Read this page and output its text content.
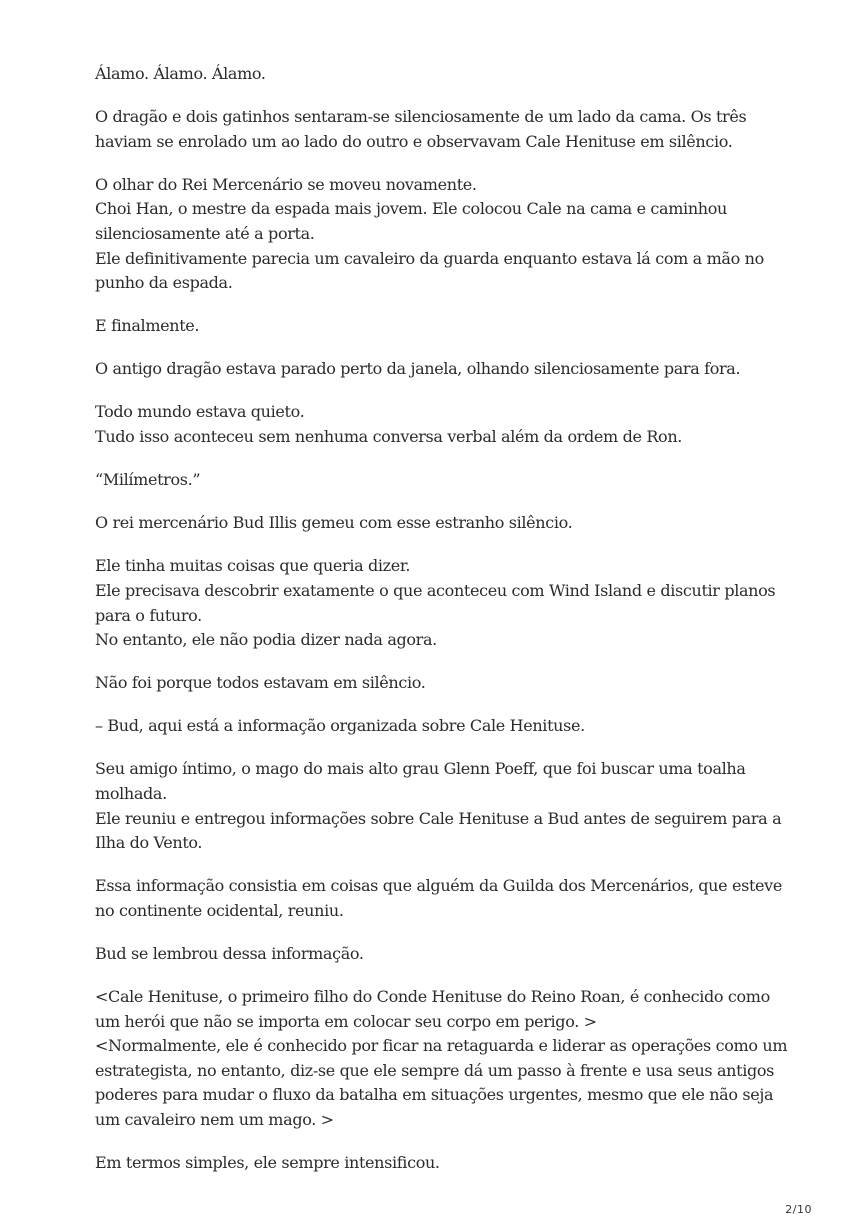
Álamo. Álamo. Álamo.

O dragão e dois gatinhos sentaram-se silenciosamente de um lado da cama. Os três
haviam se enrolado um ao lado do outro e observavam Cale Henituse em silêncio.

O olhar do Rei Mercenário se moveu novamente.
Choi Han, o mestre da espada mais jovem. Ele colocou Cale na cama e caminhou
silenciosamente até a porta.
Ele definitivamente parecia um cavaleiro da guarda enquanto estava lá com a mão no
punho da espada.

E finalmente.

O antigo dragão estava parado perto da janela, olhando silenciosamente para fora.

Todo mundo estava quieto.
Tudo isso aconteceu sem nenhuma conversa verbal além da ordem de Ron.

“Milímetros.”

O rei mercenário Bud Illis gemeu com esse estranho silêncio.

Ele tinha muitas coisas que queria dizer.
Ele precisava descobrir exatamente o que aconteceu com Wind Island e discutir planos
para o futuro.
No entanto, ele não podia dizer nada agora.

Não foi porque todos estavam em silêncio.

– Bud, aqui está a informação organizada sobre Cale Henituse.

Seu amigo íntimo, o mago do mais alto grau Glenn Poeff, que foi buscar uma toalha
molhada.
Ele reuniu e entregou informações sobre Cale Henituse a Bud antes de seguirem para a
Ilha do Vento.

Essa informação consistia em coisas que alguém da Guilda dos Mercenários, que esteve
no continente ocidental, reuniu.

Bud se lembrou dessa informação.

<Cale Henituse, o primeiro filho do Conde Henituse do Reino Roan, é conhecido como
um herói que não se importa em colocar seu corpo em perigo. >
<Normalmente, ele é conhecido por ficar na retaguarda e liderar as operações como um
estrategista, no entanto, diz-se que ele sempre dá um passo à frente e usa seus antigos
poderes para mudar o fluxo da batalha em situações urgentes, mesmo que ele não seja
um cavaleiro nem um mago. >

Em termos simples, ele sempre intensificou.

2/10
